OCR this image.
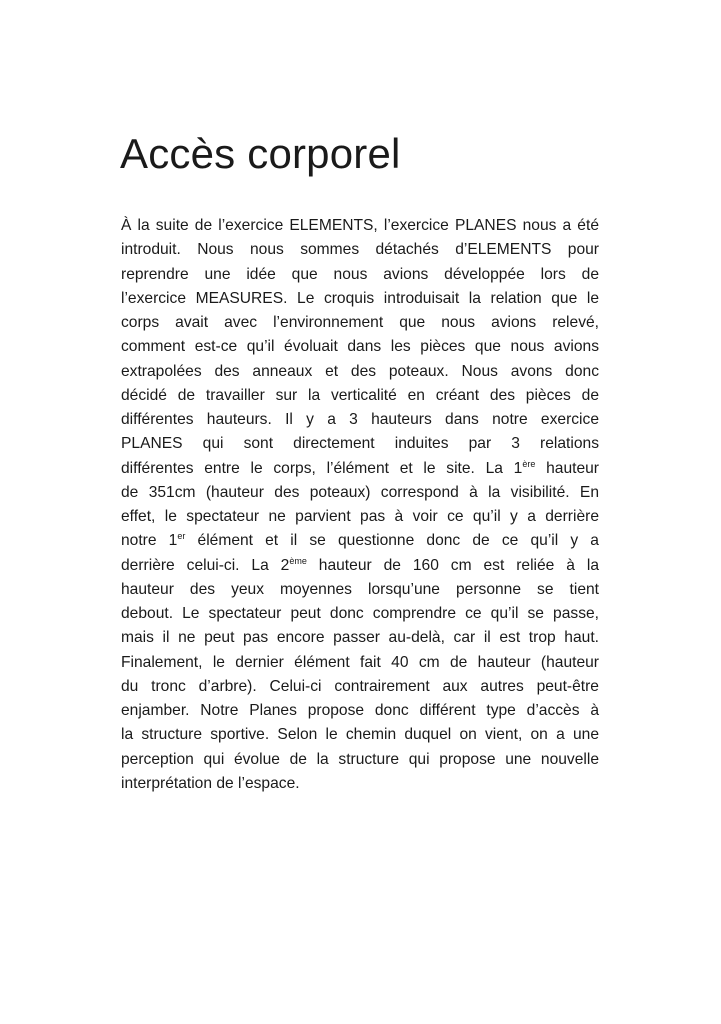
Accès corporel
À la suite de l’exercice ELEMENTS, l’exercice PLANES nous a été
introduit. Nous nous sommes détachés d’ELEMENTS pour
reprendre une idée que nous avions développée lors de
l’exercice MEASURES. Le croquis introduisait la relation que le
corps avait avec l’environnement que nous avions relevé,
comment est-ce qu’il évoluait dans les pièces que nous avions
extrapolées des anneaux et des poteaux. Nous avons donc
décidé de travailler sur la verticalité en créant des pièces de
différentes hauteurs. Il y a 3 hauteurs dans notre exercice
PLANES qui sont directement induites par 3 relations
différentes entre le corps, l’élément et le site. La 1ère hauteur
de 351cm (hauteur des poteaux) correspond à la visibilité. En
effet, le spectateur ne parvient pas à voir ce qu’il y a derrière
notre 1er élément et il se questionne donc de ce qu’il y a
derrière celui-ci. La 2ème hauteur de 160 cm est reliée à la
hauteur des yeux moyennes lorsqu’une personne se tient
debout. Le spectateur peut donc comprendre ce qu’il se passe,
mais il ne peut pas encore passer au-delà, car il est trop haut.
Finalement, le dernier élément fait 40 cm de hauteur (hauteur
du tronc d’arbre). Celui-ci contrairement aux autres peut-être
enjamber. Notre Planes propose donc différent type d’accès à
la structure sportive. Selon le chemin duquel on vient, on a une
perception qui évolue de la structure qui propose une nouvelle
interprétation de l’espace.
